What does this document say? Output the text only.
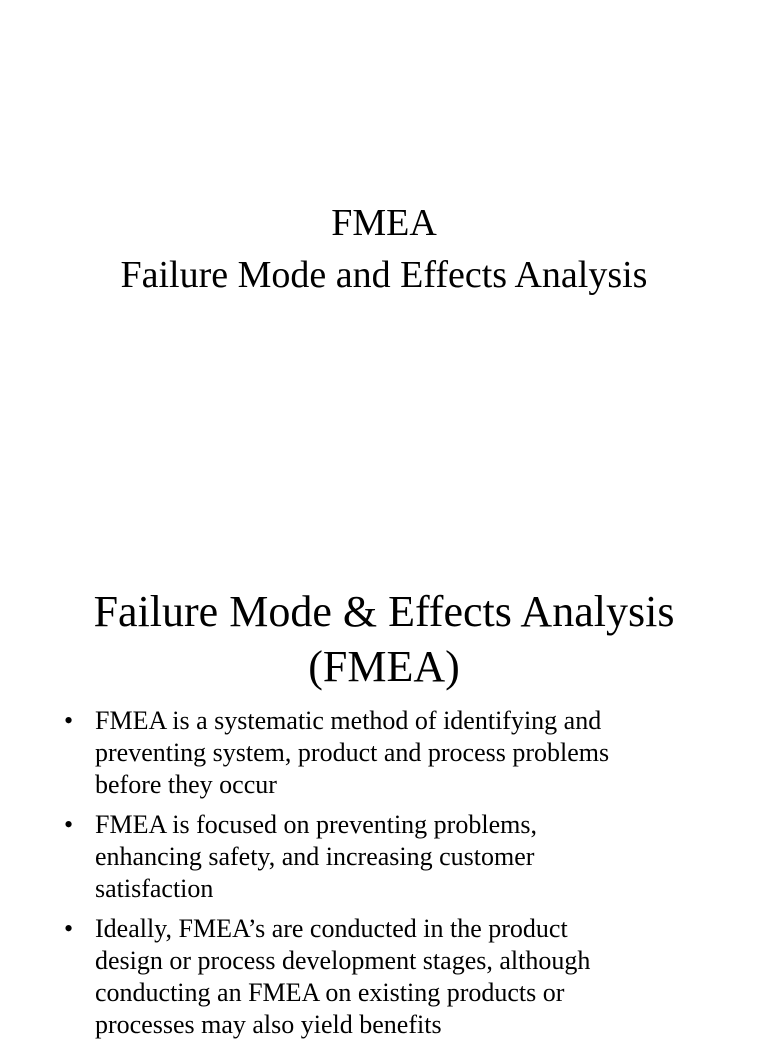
FMEA
Failure Mode and Effects Analysis
Failure Mode & Effects Analysis
(FMEA)
• FMEA is a systematic method of identifying and
preventing system, product and process problems
before they occur
• FMEA is focused on preventing problems,
enhancing safety, and increasing customer
satisfaction
• Ideally, FMEA’s are conducted in the product
design or process development stages, although
conducting an FMEA on existing products or
processes may also yield benefits
